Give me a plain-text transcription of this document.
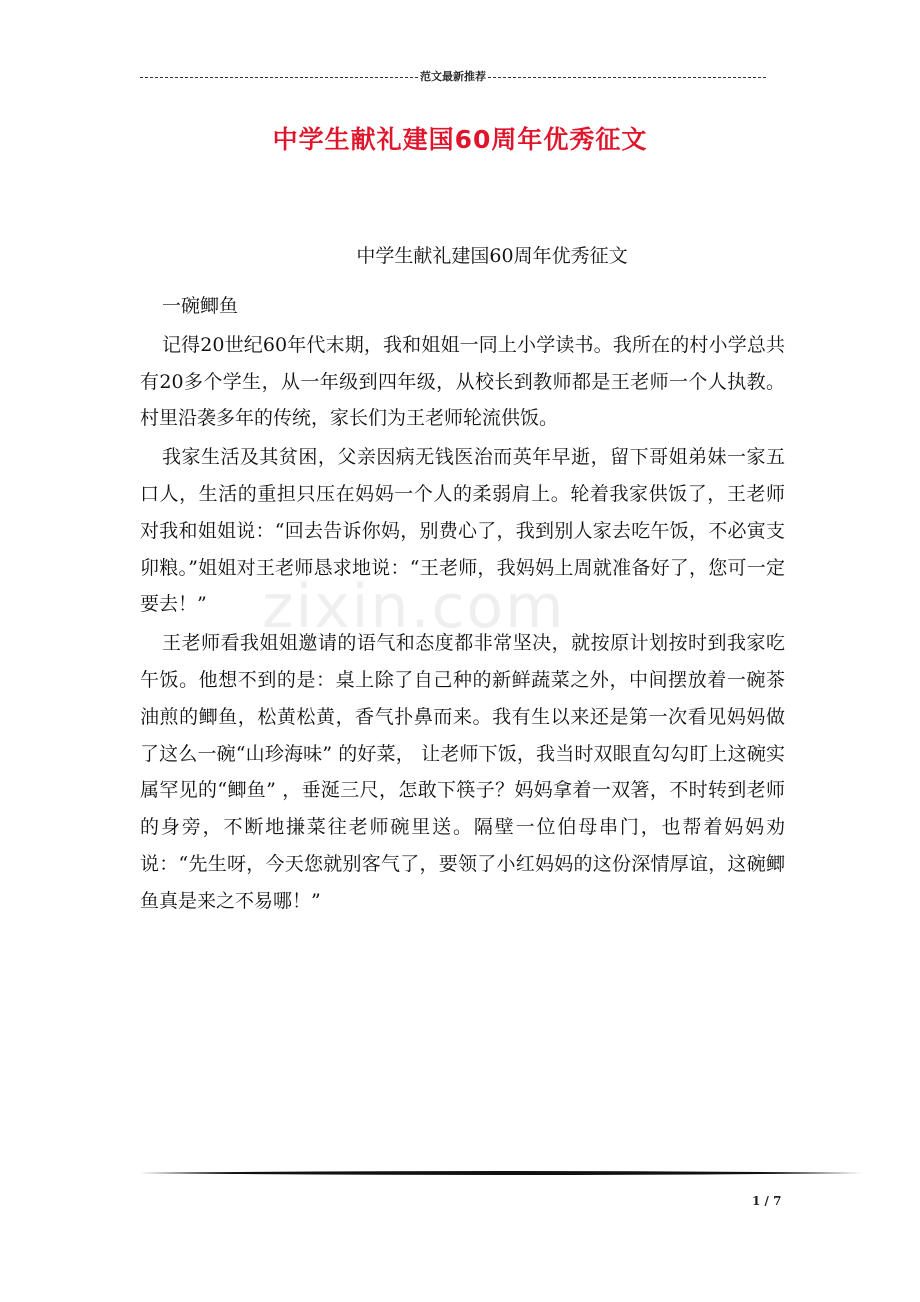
范文最新推荐
中学生献礼建国60周年优秀征文
zixin.com
中学生献礼建国60周年优秀征文

一碗鲫鱼

记得20世纪60年代末期，我和姐姐一同上小学读书。我所在的村小学总共有20多个学生，从一年级到四年级，从校长到教师都是王老师一个人执教。村里沿袭多年的传统，家长们为王老师轮流供饭。

我家生活及其贫困，父亲因病无钱医治而英年早逝，留下哥姐弟妹一家五口人，生活的重担只压在妈妈一个人的柔弱肩上。轮着我家供饭了，王老师对我和姐姐说：“回去告诉你妈，别费心了，我到别人家去吃午饭，不必寅支卯粮。”姐姐对王老师恳求地说：“王老师，我妈妈上周就准备好了，您可一定要去！”

王老师看我姐姐邀请的语气和态度都非常坚决，就按原计划按时到我家吃午饭。他想不到的是：桌上除了自己种的新鲜蔬菜之外，中间摆放着一碗茶油煎的鲫鱼，松黄松黄，香气扑鼻而来。我有生以来还是第一次看见妈妈做了这么一碗“山珍海味” 的好菜， 让老师下饭，我当时双眼直勾勾盯上这碗实属罕见的“鲫鱼” ，垂涎三尺，怎敢下筷子？妈妈拿着一双箸，不时转到老师的身旁，不断地搛菜往老师碗里送。隔壁一位伯母串门，也帮着妈妈劝说：“先生呀，今天您就别客气了，要领了小红妈妈的这份深情厚谊，这碗鲫鱼真是来之不易哪！”

1 / 7
